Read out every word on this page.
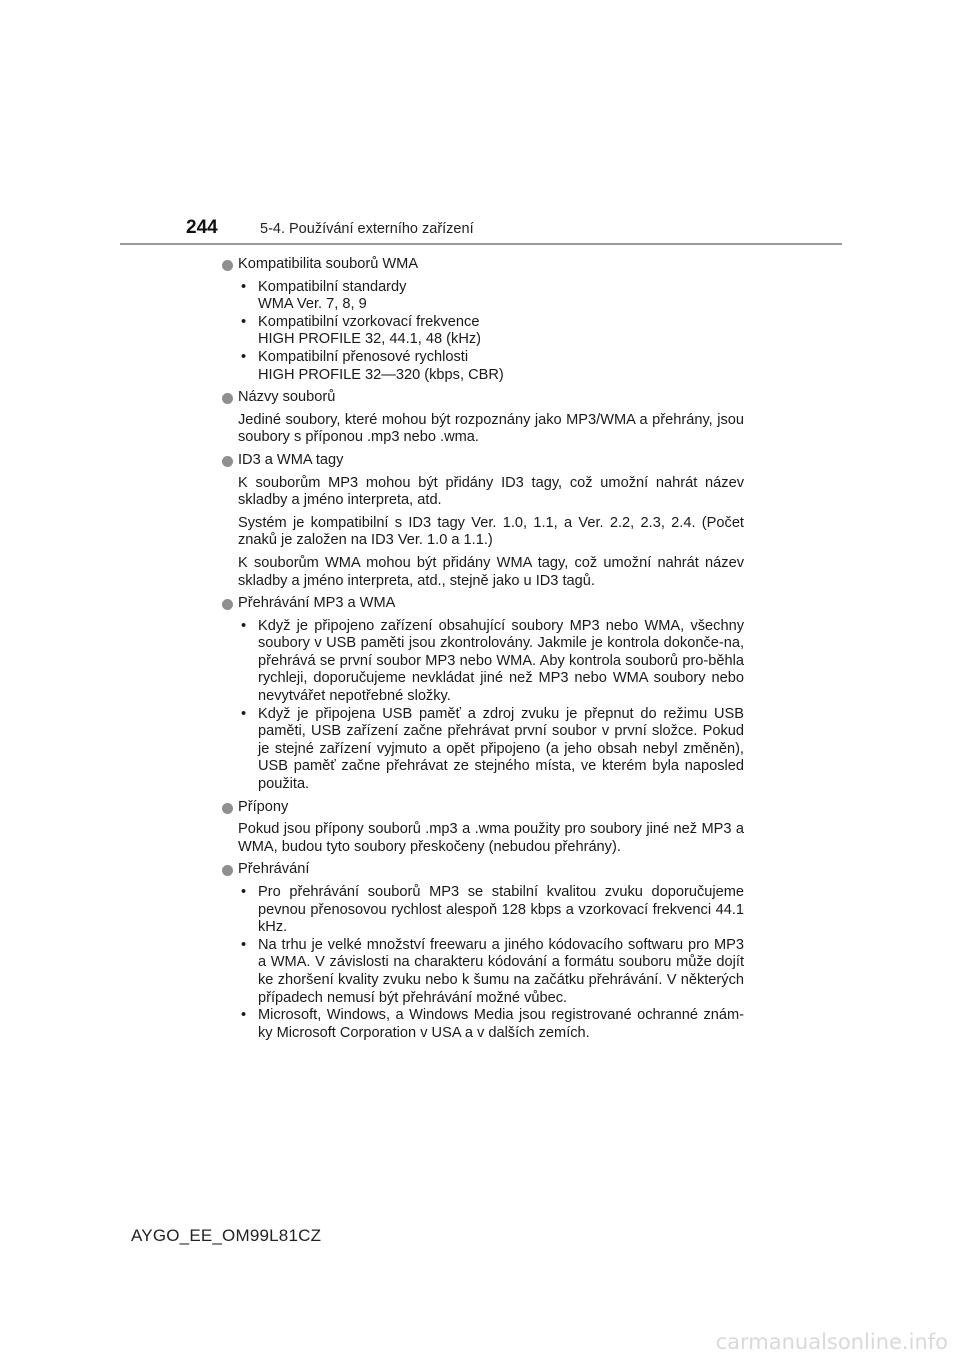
244	5-4. Používání externího zařízení

Kompatibilita souborů WMA

• Kompatibilní standardy
WMA Ver. 7, 8, 9
• Kompatibilní vzorkovací frekvence
HIGH PROFILE 32, 44.1, 48 (kHz)
• Kompatibilní přenosové rychlosti
HIGH PROFILE 32—320 (kbps, CBR)

Názvy souborů

Jediné soubory, které mohou být rozpoznány jako MP3/WMA a přehrány, jsou soubory s příponou .mp3 nebo .wma.

ID3 a WMA tagy

K souborům MP3 mohou být přidány ID3 tagy, což umožní nahrát název skladby a jméno interpreta, atd.

Systém je kompatibilní s ID3 tagy Ver. 1.0, 1.1, a Ver. 2.2, 2.3, 2.4. (Počet znaků je založen na ID3 Ver. 1.0 a 1.1.)

K souborům WMA mohou být přidány WMA tagy, což umožní nahrát název skladby a jméno interpreta, atd., stejně jako u ID3 tagů.

Přehrávání MP3 a WMA

• Když je připojeno zařízení obsahující soubory MP3 nebo WMA, všechny soubory v USB paměti jsou zkontrolovány. Jakmile je kontrola dokonče-na, přehrává se první soubor MP3 nebo WMA. Aby kontrola souborů pro-běhla rychleji, doporučujeme nevkládat jiné než MP3 nebo WMA soubory nebo nevytvářet nepotřebné složky.
• Když je připojena USB paměť a zdroj zvuku je přepnut do režimu USB paměti, USB zařízení začne přehrávat první soubor v první složce. Pokud je stejné zařízení vyjmuto a opět připojeno (a jeho obsah nebyl změněn), USB paměť začne přehrávat ze stejného místa, ve kterém byla naposled použita.

Přípony

Pokud jsou přípony souborů .mp3 a .wma použity pro soubory jiné než MP3 a WMA, budou tyto soubory přeskočeny (nebudou přehrány).

Přehrávání

• Pro přehrávání souborů MP3 se stabilní kvalitou zvuku doporučujeme pevnou přenosovou rychlost alespoň 128 kbps a vzorkovací frekvenci 44.1 kHz.
• Na trhu je velké množství freewaru a jiného kódovacího softwaru pro MP3 a WMA. V závislosti na charakteru kódování a formátu souboru může dojít ke zhoršení kvality zvuku nebo k šumu na začátku přehrávání. V některých případech nemusí být přehrávání možné vůbec.
• Microsoft, Windows, a Windows Media jsou registrované ochranné znám-ky Microsoft Corporation v USA a v dalších zemích.
AYGO_EE_OM99L81CZ
carmanualsonline.info
